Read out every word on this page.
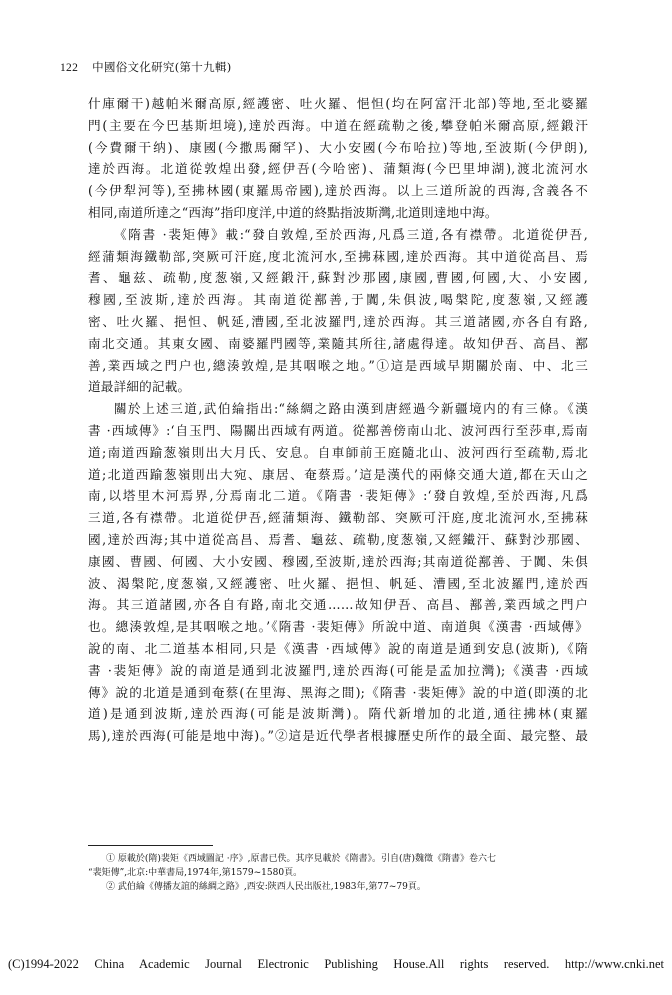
122 中國俗文化研究(第十九輯)
什庫爾干)越帕米爾高原,經護密、吐火羅、悒怛(均在阿富汗北部)等地,至北婆羅
門(主要在今巴基斯坦境),達於西海。中道在經疏勒之後,攀登帕米爾高原,經鍛汗
(今費爾干纳)、康國(今撒馬爾罕)、大小安國(今布哈拉)等地,至波斯(今伊朗),
達於西海。北道從敦煌出發,經伊吾(今哈密)、蒲類海(今巴里坤湖),渡北流河水
(今伊犁河等),至拂林國(東羅馬帝國),達於西海。以上三道所說的西海,含義各不
相同,南道所達之“西海”指印度洋,中道的終點指波斯灣,北道則達地中海。
《隋書 ·裴矩傳》載:“發自敦煌,至於西海,凡爲三道,各有襟帶。北道從伊吾,
經蒲類海鐵勒部,突厥可汗庭,度北流河水,至拂菻國,達於西海。其中道從高昌、焉
耆、龜兹、疏勒,度葱嶺,又經鍛汗,蘇對沙那國,康國,曹國,何國,大、小安國,
穆國,至波斯,達於西海。其南道從鄯善,于闐,朱俱波,喝槃陀,度葱嶺,又經護
密、吐火羅、挹怛、帆延,漕國,至北波羅門,達於西海。其三道諸國,亦各自有路,
南北交通。其東女國、南婆羅門國等,業隨其所往,諸處得達。故知伊吾、高昌、鄯
善,業西域之門户也,總湊敦煌,是其咽喉之地。”①這是西域早期關於南、中、北三
道最詳細的記載。
關於上述三道,武伯綸指出:“絲綢之路由漢到唐經過今新疆境内的有三條。《漢
書 ·西域傳》:‘自玉門、陽關出西域有两道。從鄯善傍南山北、波河西行至莎車,焉南
道;南道西踰葱嶺則出大月氏、安息。自車師前王庭隨北山、波河西行至疏勒,焉北
道;北道西踰葱嶺則出大宛、康居、奄蔡焉。’這是漢代的兩條交通大道,都在天山之
南,以塔里木河焉界,分焉南北二道。《隋書 ·裴矩傳》:‘發自敦煌,至於西海,凡爲
三道,各有襟帶。北道從伊吾,經蒲類海、鐵勒部、突厥可汗庭,度北流河水,至拂菻
國,達於西海;其中道從高昌、焉耆、龜兹、疏勒,度葱嶺,又經䥫汗、蘇對沙那國、
康國、曹國、何國、大小安國、穆國,至波斯,達於西海;其南道從鄯善、于闐、朱俱
波、渴槃陀,度葱嶺,又經護密、吐火羅、挹怛、帆延、漕國,至北波羅門,達於西
海。其三道諸國,亦各自有路,南北交通……故知伊吾、高昌、鄯善,業西域之門户
也。總湊敦煌,是其咽喉之地。’《隋書 ·裴矩傳》所說中道、南道與《漢書 ·西域傳》
說的南、北二道基本相同,只是《漢書 ·西域傳》說的南道是通到安息(波斯),《隋
書 ·裴矩傳》說的南道是通到北波羅門,達於西海(可能是孟加拉灣);《漢書 ·西域
傳》說的北道是通到奄蔡(在里海、黑海之間);《隋書 ·裴矩傳》說的中道(即漢的北
道)是通到波斯,達於西海(可能是波斯灣)。隋代新增加的北道,通往拂林(東羅
馬),達於西海(可能是地中海)。”②這是近代學者根據歷史所作的最全面、最完整、最
① 原載於(隋)裴矩《西域圖記 ·序》,原書已佚。其序見載於《隋書》。引自(唐)魏徵《隋書》卷六七
“裴矩傳”,北京:中華書局,1974年,第1579~1580頁。
② 武伯綸《傳播友誼的絲綢之路》,西安:陝西人民出版社,1983年,第77~79頁。
(C)1994-2022 China Academic Journal Electronic Publishing House.All rights reserved. http://www.cnki.net
